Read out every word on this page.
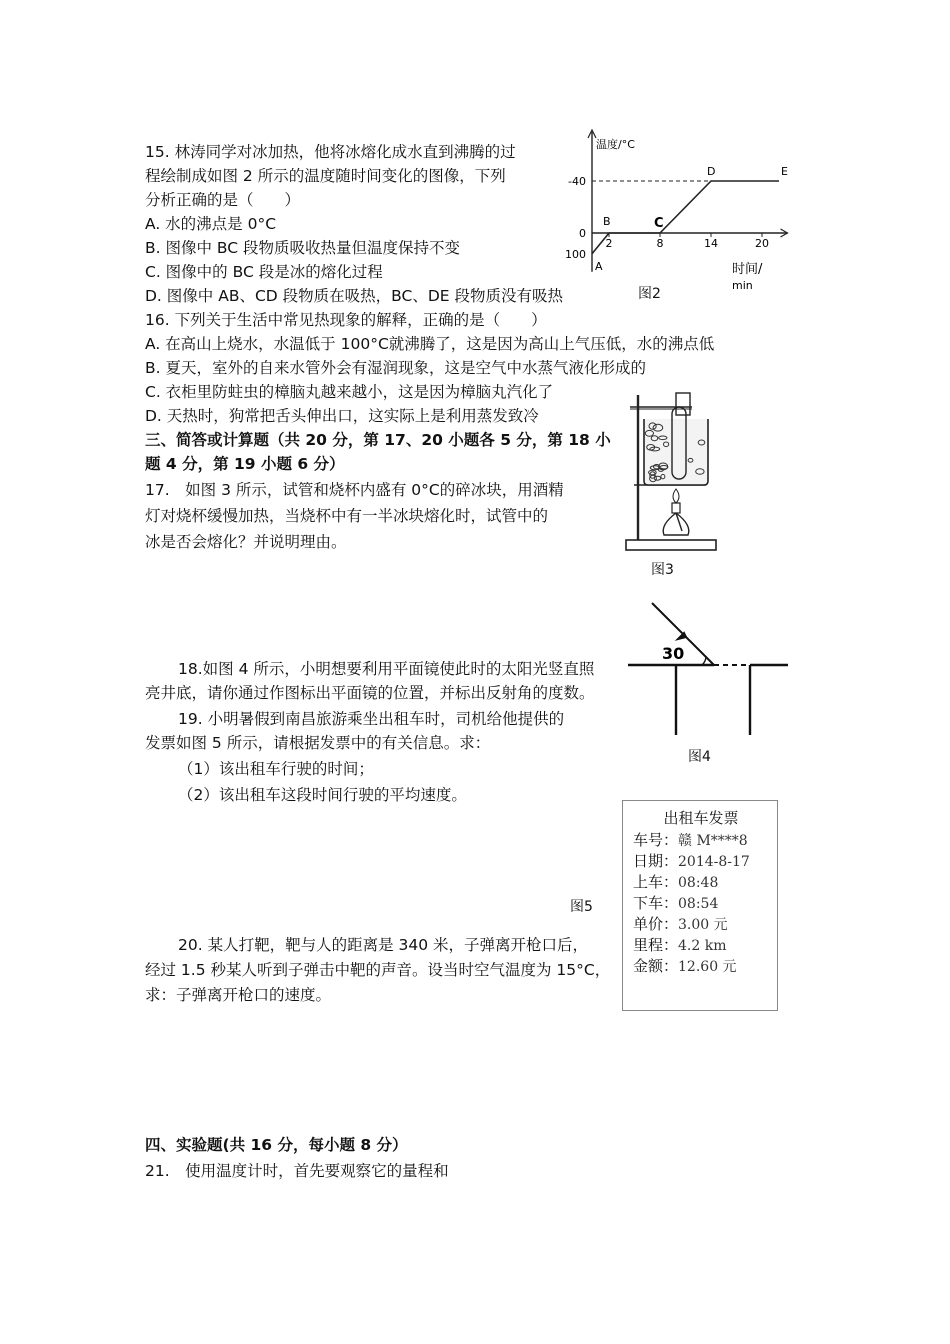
15. 林涛同学对冰加热，他将冰熔化成水直到沸腾的过
程绘制成如图 2 所示的温度随时间变化的图像，下列
分析正确的是（　　）
A. 水的沸点是 0°C
B. 图像中 BC 段物质吸收热量但温度保持不变
C. 图像中的 BC 段是冰的熔化过程
D. 图像中 AB、CD 段物质在吸热，BC、DE 段物质没有吸热
100
0
-40
2	8	14	20
A
B	C
D	E
温度/°C
时间/
min
图2
16. 下列关于生活中常见热现象的解释，正确的是（　　）
A. 在高山上烧水，水温低于 100°C就沸腾了，这是因为高山上气压低，水的沸点低
B. 夏天，室外的自来水管外会有湿润现象，这是空气中水蒸气液化形成的
C. 衣柜里防蛀虫的樟脑丸越来越小，这是因为樟脑丸汽化了
D. 天热时，狗常把舌头伸出口，这实际上是利用蒸发致冷
三、简答或计算题（共 20 分，第 17、20 小题各 5 分，第 18 小
题 4 分，第 19 小题 6 分）
17.　如图 3 所示，试管和烧杯内盛有 0°C的碎冰块，用酒精
灯对烧杯缓慢加热，当烧杯中有一半冰块熔化时，试管中的
冰是否会熔化？并说明理由。
图3
30
图4
18.如图 4 所示，小明想要利用平面镜使此时的太阳光竖直照
亮井底，请你通过作图标出平面镜的位置，并标出反射角的度数。
19. 小明暑假到南昌旅游乘坐出租车时，司机给他提供的
发票如图 5 所示，请根据发票中的有关信息。求：
（1）该出租车行驶的时间；
（2）该出租车这段时间行驶的平均速度。
出租车发票
车号：赣 M****8
日期：2014-8-17
上车：08:48
下车：08:54
单价：3.00 元
里程：4.2 km
金额：12.60 元
图5
20. 某人打靶，靶与人的距离是 340 米，子弹离开枪口后，
经过 1.5 秒某人听到子弹击中靶的声音。设当时空气温度为 15°C，
求：子弹离开枪口的速度。
四、实验题(共 16 分，每小题 8 分）
21.　使用温度计时，首先要观察它的量程和
